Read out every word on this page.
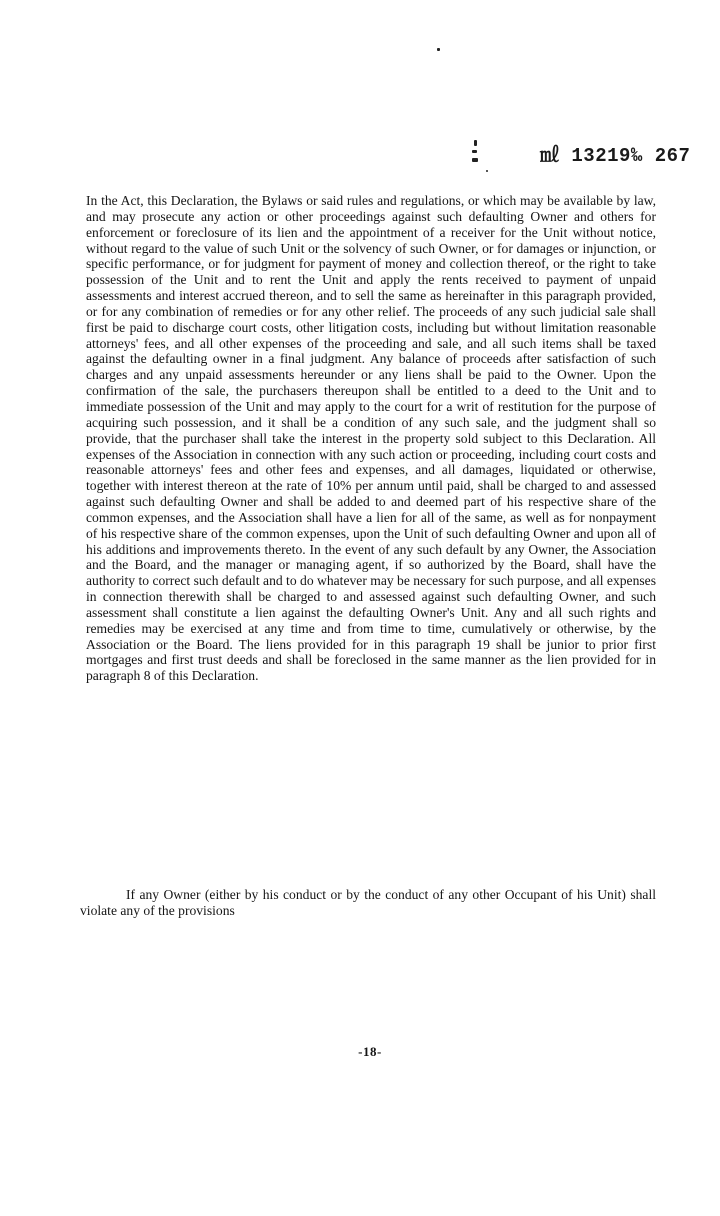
㎖ 13219‰ 267

In the Act, this Declaration, the Bylaws or said rules and regulations, or which may be available by law, and may prosecute any action or other proceedings against such defaulting Owner and others for enforcement or foreclosure of its lien and the appointment of a receiver for the Unit without notice, without regard to the value of such Unit or the solvency of such Owner, or for damages or injunction, or specific performance, or for judgment for payment of money and collection thereof, or the right to take possession of the Unit and to rent the Unit and apply the rents received to payment of unpaid assessments and interest accrued thereon, and to sell the same as hereinafter in this paragraph provided, or for any combination of remedies or for any other relief. The proceeds of any such judicial sale shall first be paid to discharge court costs, other litigation costs, including but without limitation reasonable attorneys' fees, and all other expenses of the proceeding and sale, and all such items shall be taxed against the defaulting owner in a final judgment. Any balance of proceeds after satisfaction of such charges and any unpaid assessments hereunder or any liens shall be paid to the Owner. Upon the confirmation of the sale, the purchasers thereupon shall be entitled to a deed to the Unit and to immediate possession of the Unit and may apply to the court for a writ of restitution for the purpose of acquiring such possession, and it shall be a condition of any such sale, and the judgment shall so provide, that the purchaser shall take the interest in the property sold subject to this Declaration. All expenses of the Association in connection with any such action or proceeding, including court costs and reasonable attorneys' fees and other fees and expenses, and all damages, liquidated or otherwise, together with interest thereon at the rate of 10% per annum until paid, shall be charged to and assessed against such defaulting Owner and shall be added to and deemed part of his respective share of the common expenses, and the Association shall have a lien for all of the same, as well as for nonpayment of his respective share of the common expenses, upon the Unit of such defaulting Owner and upon all of his additions and improvements thereto. In the event of any such default by any Owner, the Association and the Board, and the manager or managing agent, if so authorized by the Board, shall have the authority to correct such default and to do whatever may be necessary for such purpose, and all expenses in connection therewith shall be charged to and assessed against such defaulting Owner, and such assessment shall constitute a lien against the defaulting Owner's Unit. Any and all such rights and remedies may be exercised at any time and from time to time, cumulatively or otherwise, by the Association or the Board. The liens provided for in this paragraph 19 shall be junior to prior first mortgages and first trust deeds and shall be foreclosed in the same manner as the lien provided for in paragraph 8 of this Declaration.

If any Owner (either by his conduct or by the conduct of any other Occupant of his Unit) shall violate any of the provisions

-18-
